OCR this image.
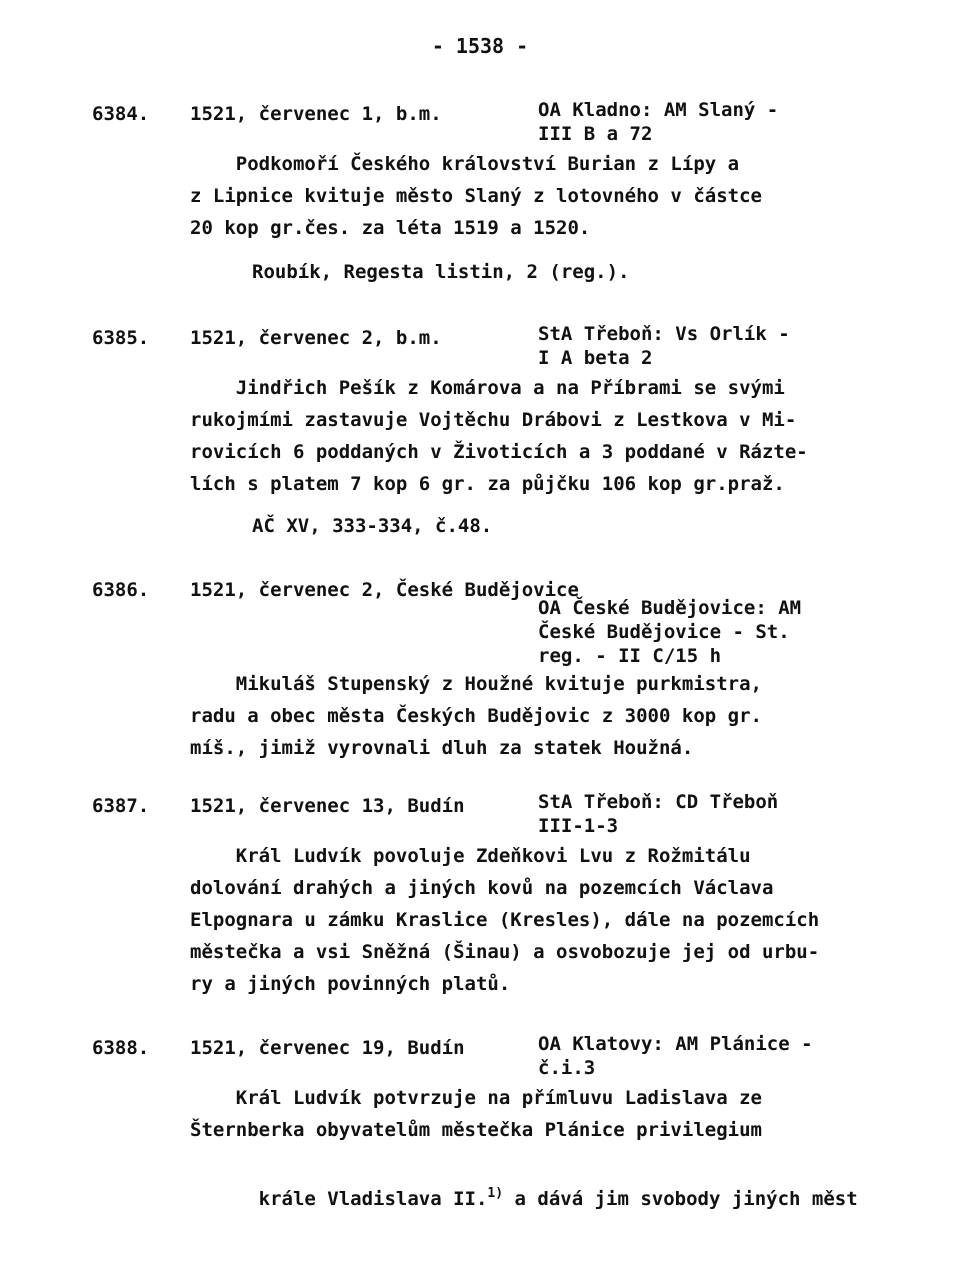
- 1538 -
6384. 1521, červenec 1, b.m.	OA Kladno: AM Slaný -
III B a 72
Podkomoří Českého království Burian z Lípy a
z Lipnice kvituje město Slaný z lotovného v částce
20 kop gr.čes. za léta 1519 a 1520.
Roubík, Regesta listin, 2 (reg.).
6385. 1521, červenec 2, b.m.	StA Třeboň: Vs Orlík -
I A beta 2
Jindřich Pešík z Komárova a na Příbrami se svými
rukojmími zastavuje Vojtěchu Drábovi z Lestkova v Mi-
rovicích 6 poddaných v Životicích a 3 poddané v Rázte-
lích s platem 7 kop 6 gr. za půjčku 106 kop gr.praž.
AČ XV, 333-334, č.48.
6386. 1521, červenec 2, České Budějovice
OA České Budějovice: AM
České Budějovice - St.
reg. - II C/15 h
Mikuláš Stupenský z Houžné kvituje purkmistra,
radu a obec města Českých Budějovic z 3000 kop gr.
míš., jimiž vyrovnali dluh za statek Houžná.
6387. 1521, červenec 13, Budín	StA Třeboň: CD Třeboň
III-1-3
Král Ludvík povoluje Zdeňkovi Lvu z Rožmitálu
dolování drahých a jiných kovů na pozemcích Václava
Elpognara u zámku Kraslice (Kresles), dále na pozemcích
městečka a vsi Sněžná (Šinau) a osvobozuje jej od urbu-
ry a jiných povinných platů.
6388. 1521, červenec 19, Budín	OA Klatovy: AM Plánice -
č.i.3
Král Ludvík potvrzuje na přímluvu Ladislava ze
Šternberka obyvatelům městečka Plánice privilegium

krále Vladislava II.$^{1)}$ a dává jim svobody jiných měst
